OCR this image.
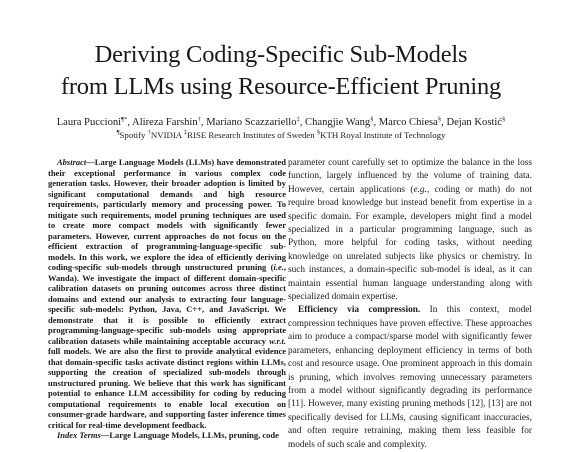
Deriving Coding-Specific Sub-Models
from LLMs using Resource-Efficient Pruning
Laura Puccioni¶*, Alireza Farshin†, Mariano Scazzariello‡, Changjie Wang§, Marco Chiesa§, Dejan Kostić§
¶Spotify †NVIDIA ‡RISE Research Institutes of Sweden §KTH Royal Institute of Technology

Abstract—Large Language Models (LLMs) have demonstrated their exceptional performance in various complex code generation tasks. However, their broader adoption is limited by significant computational demands and high resource requirements, particularly memory and processing power. To mitigate such requirements, model pruning techniques are used to create more compact models with significantly fewer parameters. However, current approaches do not focus on the efficient extraction of programming-language-specific sub-models. In this work, we explore the idea of efficiently deriving coding-specific sub-models through unstructured pruning (i.e., Wanda). We investigate the impact of different domain-specific calibration datasets on pruning outcomes across three distinct domains and extend our analysis to extracting four language-specific sub-models: Python, Java, C++, and JavaScript. We demonstrate that it is possible to efficiently extract programming-language-specific sub-models using appropriate calibration datasets while maintaining acceptable accuracy w.r.t. full models. We are also the first to provide analytical evidence that domain-specific tasks activate distinct regions within LLMs, supporting the creation of specialized sub-models through unstructured pruning. We believe that this work has significant potential to enhance LLM accessibility for coding by reducing computational requirements to enable local execution on consumer-grade hardware, and supporting faster inference times critical for real-time development feedback.

Index Terms—Large Language Models, LLMs, pruning, code

parameter count carefully set to optimize the balance in the loss function, largely influenced by the volume of training data. However, certain applications (e.g., coding or math) do not require broad knowledge but instead benefit from expertise in a specific domain. For example, developers might find a model specialized in a particular programming language, such as Python, more helpful for coding tasks, without needing knowledge on unrelated subjects like physics or chemistry. In such instances, a domain-specific sub-model is ideal, as it can maintain essential human language understanding along with specialized domain expertise.

Efficiency via compression. In this context, model compression techniques have proven effective. These approaches aim to produce a compact/sparse model with significantly fewer parameters, enhancing deployment efficiency in terms of both cost and resource usage. One prominent approach in this domain is pruning, which involves removing unnecessary parameters from a model without significantly degrading its performance [11]. However, many existing pruning methods [12], [13] are not specifically devised for LLMs, causing significant inaccuracies, and often require retraining, making them less feasible for models of such scale and complexity.
